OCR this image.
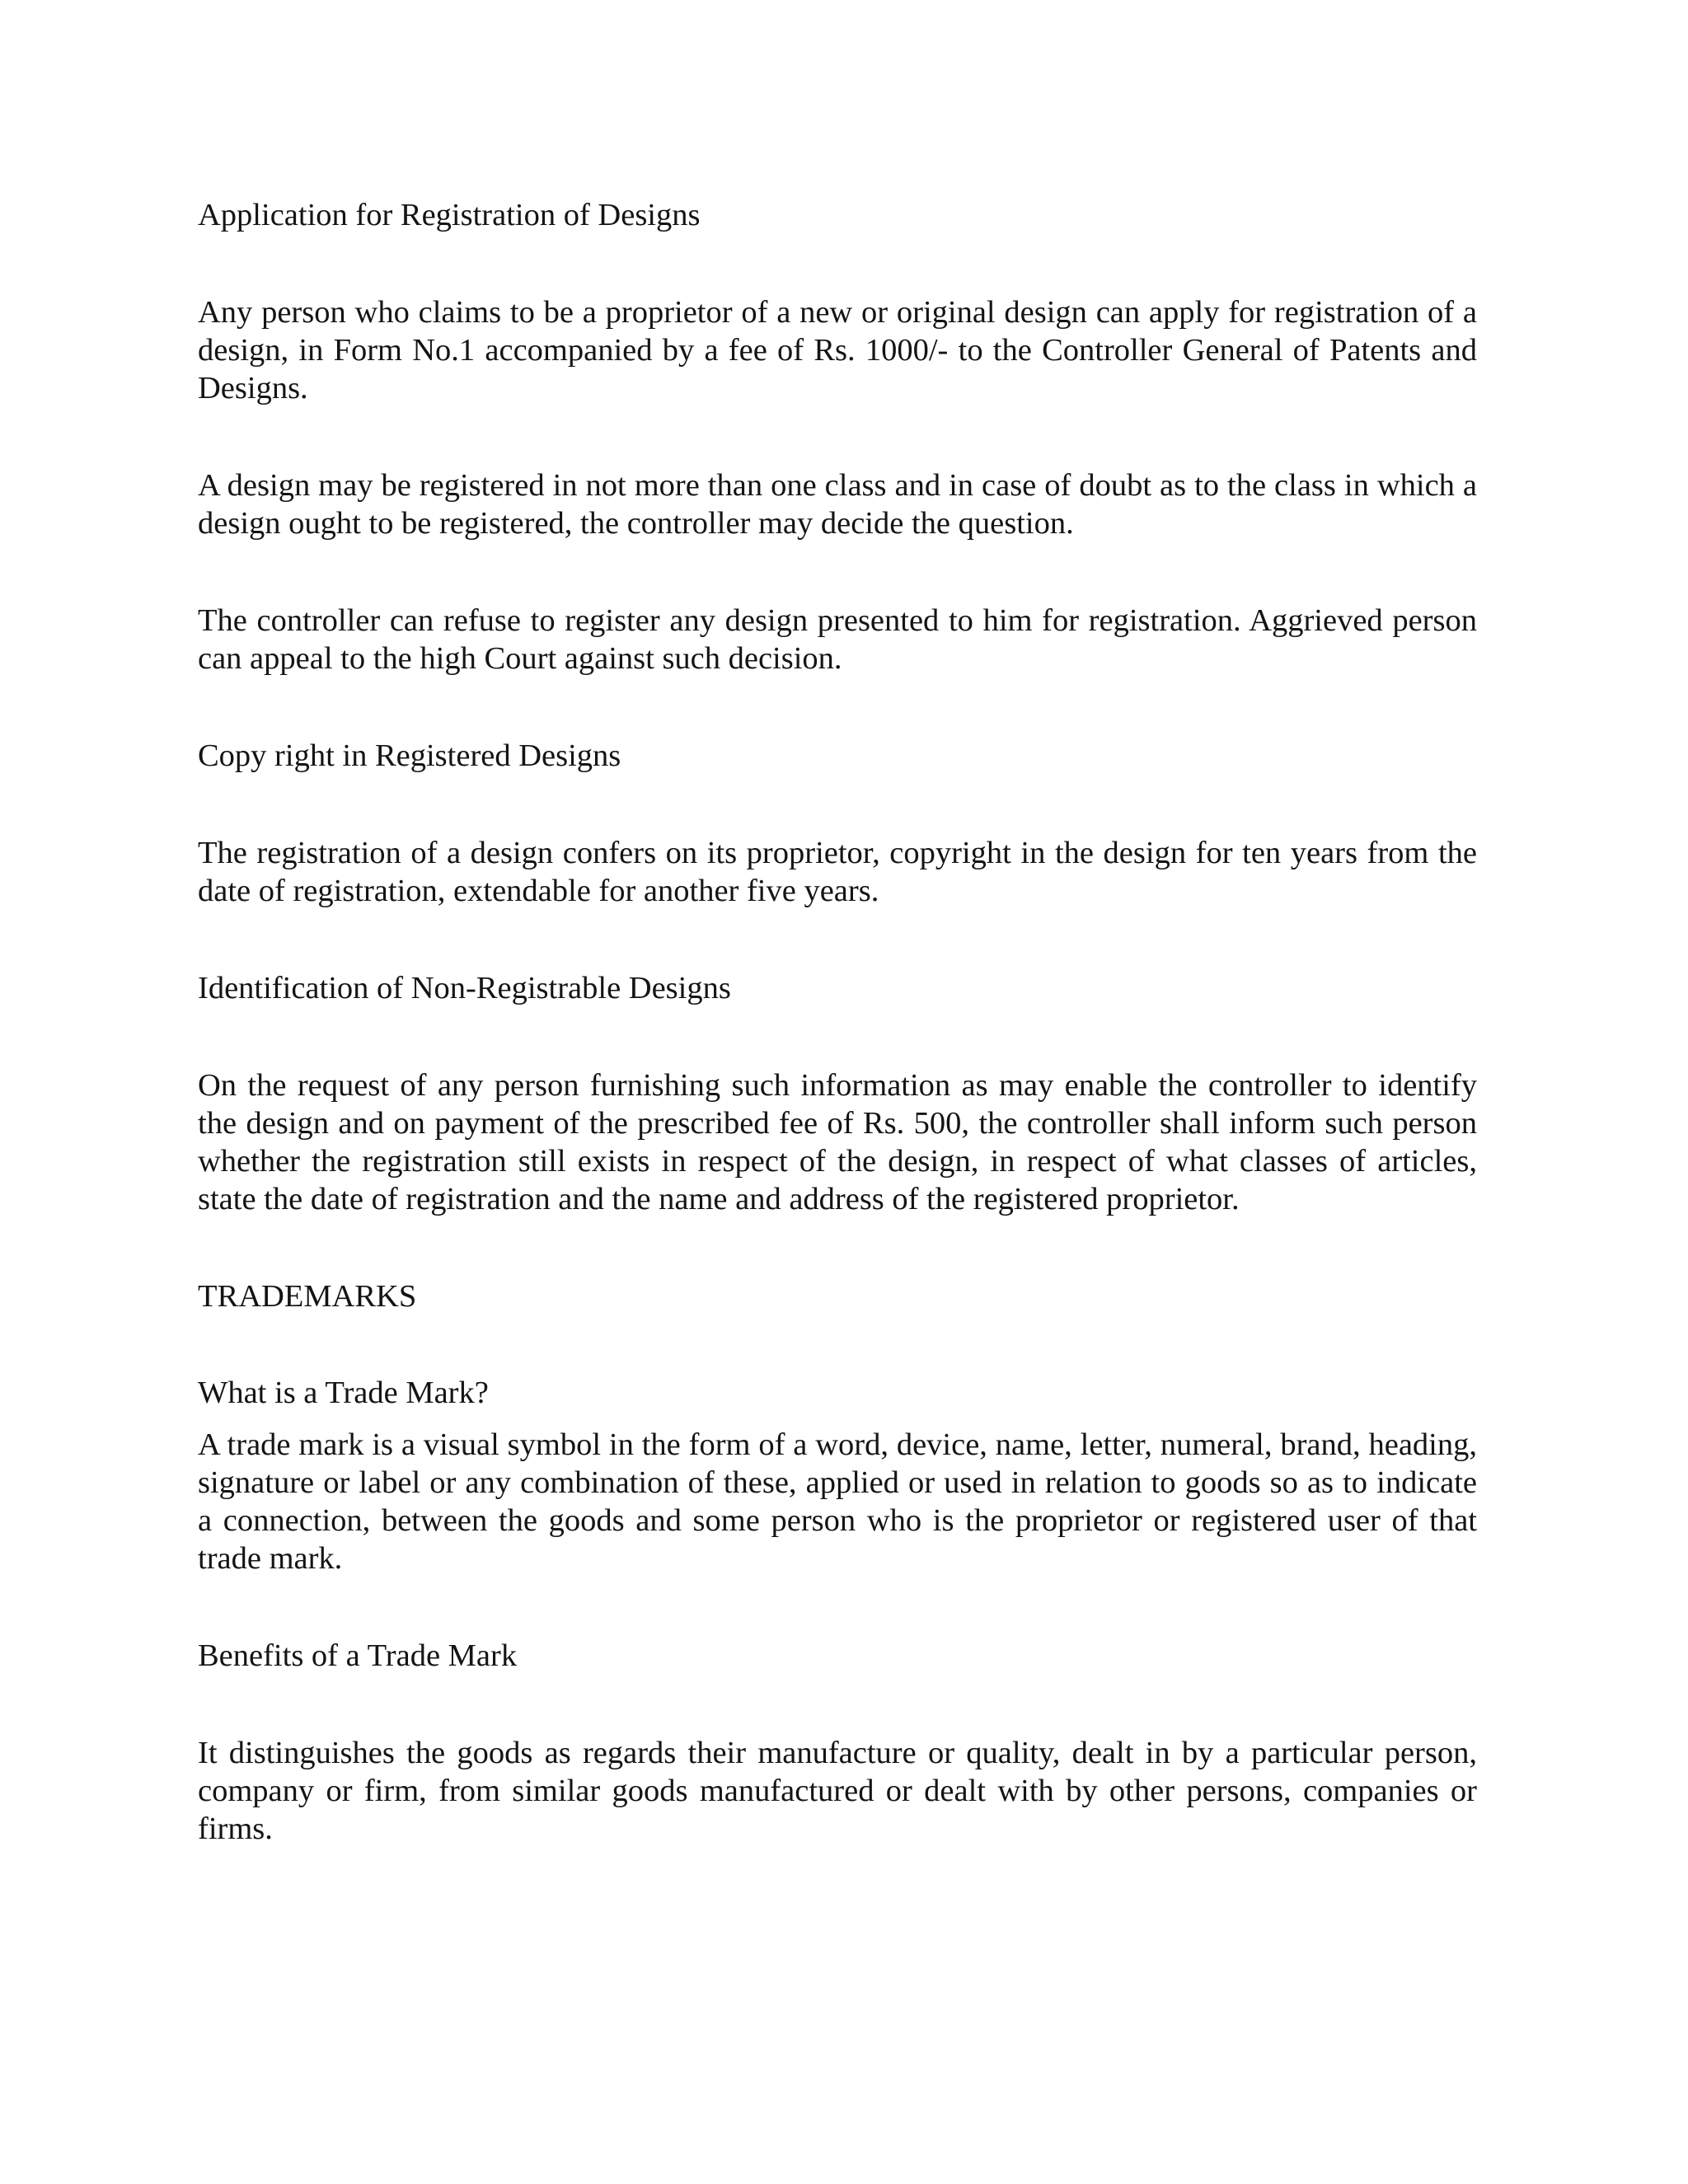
Application for Registration of Designs

Any person who claims to be a proprietor of a new or original design can apply for registration of a design, in Form No.1 accompanied by a fee of Rs. 1000/- to the Controller General of Patents and Designs.

A design may be registered in not more than one class and in case of doubt as to the class in which a design ought to be registered, the controller may decide the question.

The controller can refuse to register any design presented to him for registration. Aggrieved person can appeal to the high Court against such decision.

Copy right in Registered Designs

The registration of a design confers on its proprietor, copyright in the design for ten years from the date of registration, extendable for another five years.

Identification of Non-Registrable Designs

On the request of any person furnishing such information as may enable the controller to identify the design and on payment of the prescribed fee of Rs. 500, the controller shall inform such person whether the registration still exists in respect of the design, in respect of what classes of articles, state the date of registration and the name and address of the registered proprietor.

TRADEMARKS

What is a Trade Mark?

A trade mark is a visual symbol in the form of a word, device, name, letter, numeral, brand, heading, signature or label or any combination of these, applied or used in relation to goods so as to indicate a connection, between the goods and some person who is the proprietor or registered user of that trade mark.

Benefits of a Trade Mark

It distinguishes the goods as regards their manufacture or quality, dealt in by a particular person, company or firm, from similar goods manufactured or dealt with by other persons, companies or firms.
